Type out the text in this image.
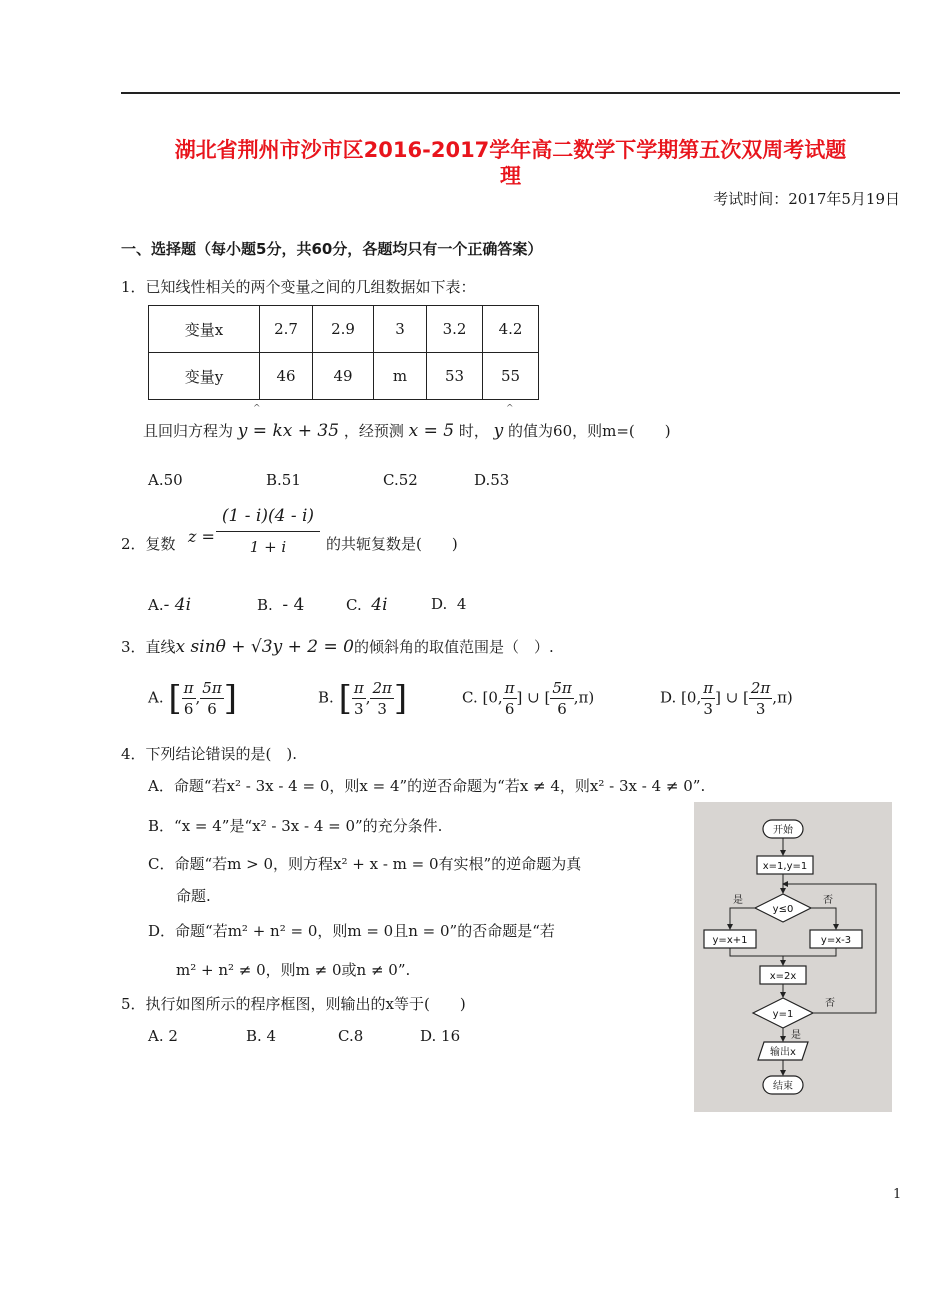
湖北省荆州市沙市区2016-2017学年高二数学下学期第五次双周考试题
理
考试时间：2017年5月19日
一、选择题（每小题5分，共60分，各题均只有一个正确答案）
1．已知线性相关的两个变量之间的几组数据如下表：
变量x	2.7	2.9	3	3.2	4.2
变量y	46	49	m	53	55
^	^
且回归方程为 y = kx + 35 ，经预测 x = 5 时， y 的值为60，则m=(　　)
A.50	B.51	C.52	D.53
2．复数 $z = \frac{(1 - i)(4 - i)}{1 + i}$ 的共轭复数是(　　)
A.- 4i	B. - 4	C. 4i	D. 4
3．直线x sinθ + √3y + 2 = 0的倾斜角的取值范围是（　）.
A. [ $\frac{\pi}{6}$ , $\frac{5\pi}{6}$ ]	B. [ $\frac{\pi}{3}$ , $\frac{2\pi}{3}$ ]	C. [0, $\frac{\pi}{6}$ ] ∪ [ $\frac{5\pi}{6} ,\pi$)	D. [0, $\frac{\pi}{3}$ ] ∪ [ $\frac{2\pi}{3} ,\pi$)
4．下列结论错误的是(　).
A．命题“若x² - 3x - 4 = 0，则x = 4”的逆否命题为“若x ≠ 4，则x² - 3x - 4 ≠ 0”.
B．“x = 4”是“x² - 3x - 4 = 0”的充分条件.
C．命题“若m > 0，则方程x² + x - m = 0有实根”的逆命题为真
命题.
D．命题“若m² + n² = 0，则m = 0且n = 0”的否命题是“若
m² + n² ≠ 0，则m ≠ 0或n ≠ 0”.
5．执行如图所示的程序框图，则输出的x等于(　　)
A. 2	B. 4	C.8	D. 16
开始
x=1,y=1
y≤0
是	否
y=x+1	y=x-3
x=2x
y=1
否
是
输出x
结束
1
